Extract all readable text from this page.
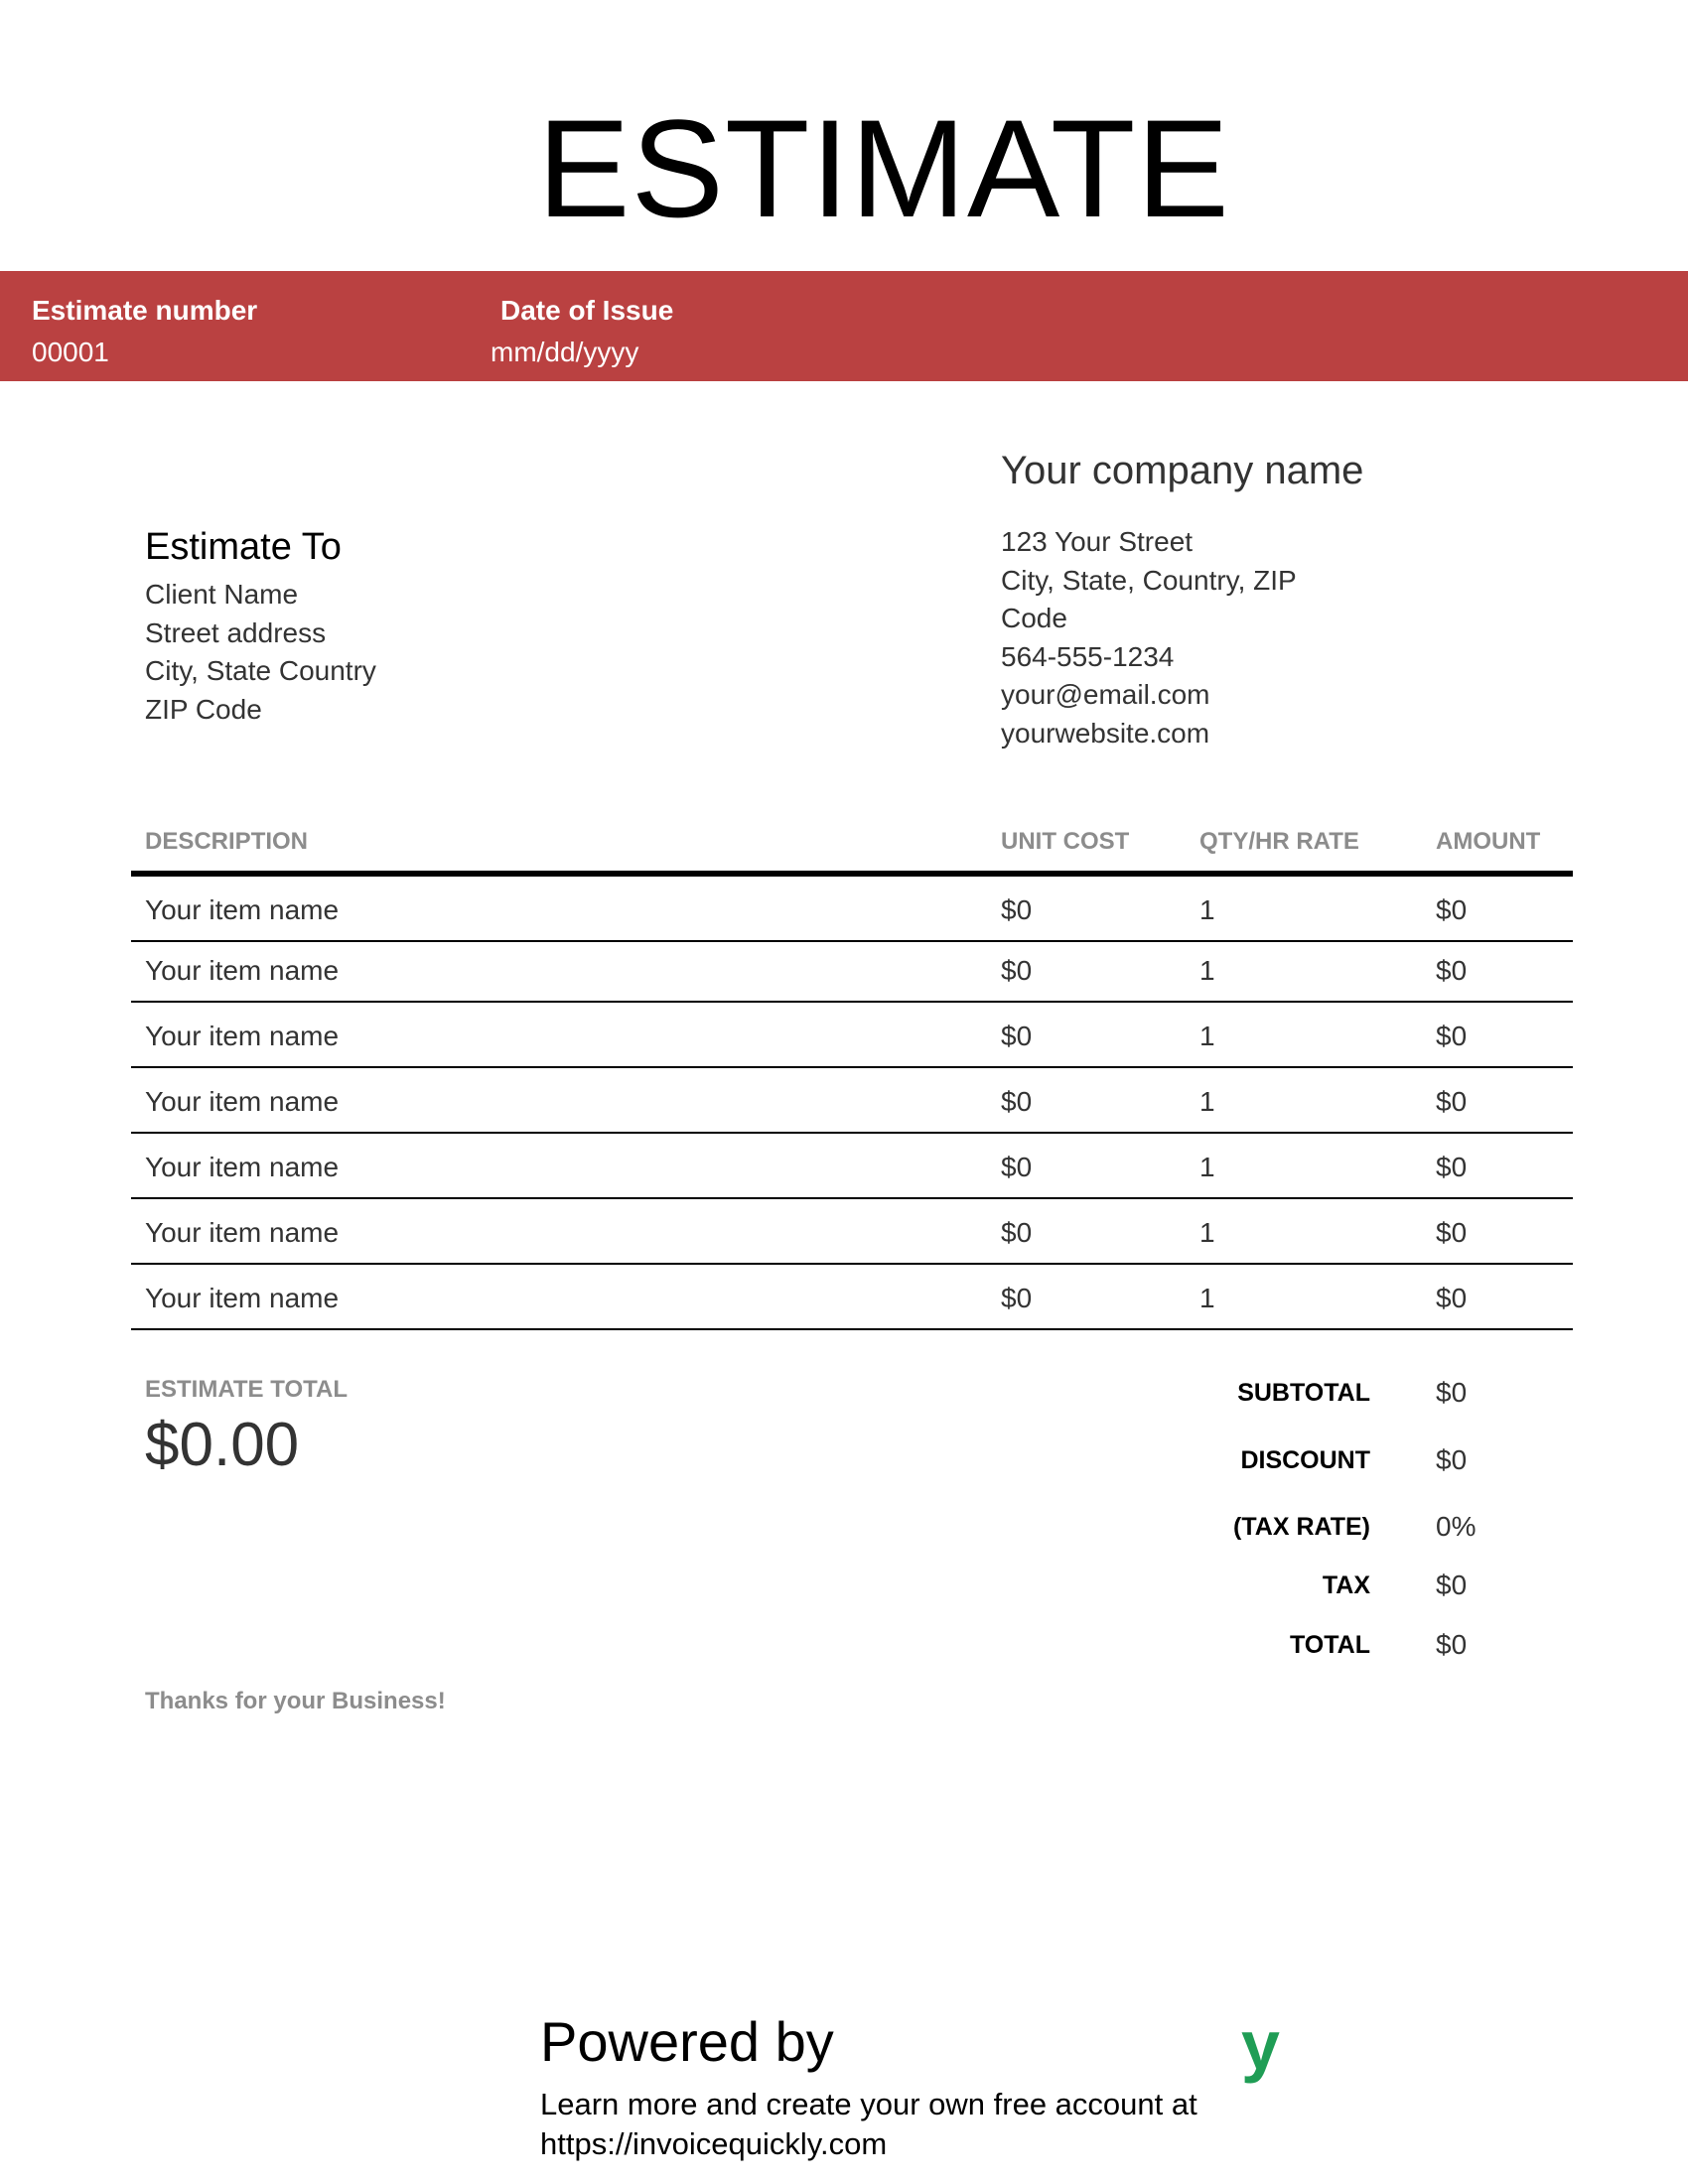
ESTIMATE
Estimate number
00001
Date of Issue
mm/dd/yyyy
Your company name
123 Your Street
City, State, Country, ZIP
Code
564-555-1234
your@email.com
yourwebsite.com
Estimate To
Client Name
Street address
City, State Country
ZIP Code
DESCRIPTION	UNIT COST	QTY/HR RATE	AMOUNT
Your item name	$0	1	$0
Your item name	$0	1	$0
Your item name	$0	1	$0
Your item name	$0	1	$0
Your item name	$0	1	$0
Your item name	$0	1	$0
Your item name	$0	1	$0
ESTIMATE TOTAL
$0.00
SUBTOTAL $0
DISCOUNT $0
(TAX RATE) 0%
TAX $0
TOTAL $0
Thanks for your Business!
Powered by	y
Learn more and create your own free account at
https://invoicequickly.com
